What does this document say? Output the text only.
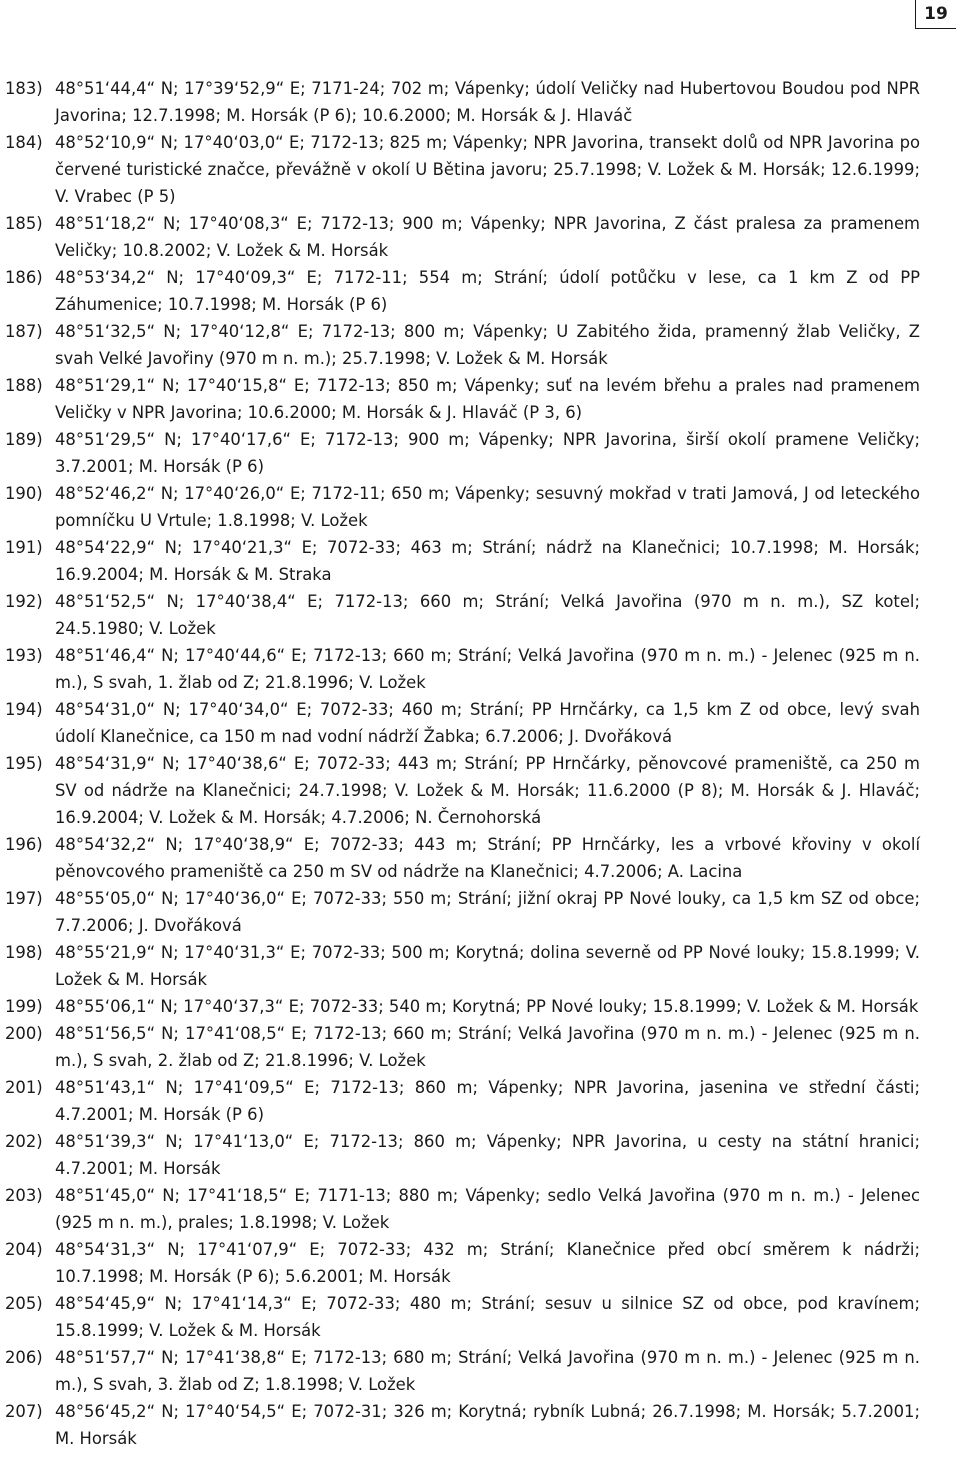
19
183) 48°51‘44,4“ N; 17°39‘52,9“ E; 7171-24; 702 m; Vápenky; údolí Veličky nad Hubertovou Boudou pod NPR Javorina; 12.7.1998; M. Horsák (P 6); 10.6.2000; M. Horsák & J. Hlaváč
184) 48°52‘10,9“ N; 17°40‘03,0“ E; 7172-13; 825 m; Vápenky; NPR Javorina, transekt dolů od NPR Javorina po červené turistické značce, převážně v okolí U Bětina javoru; 25.7.1998; V. Ložek & M. Horsák; 12.6.1999; V. Vrabec (P 5)
185) 48°51‘18,2“ N; 17°40‘08,3“ E; 7172-13; 900 m; Vápenky; NPR Javorina, Z část pralesa za pramenem Veličky; 10.8.2002; V. Ložek & M. Horsák
186) 48°53‘34,2“ N; 17°40‘09,3“ E; 7172-11; 554 m; Strání; údolí potůčku v lese, ca 1 km Z od PP Záhumenice; 10.7.1998; M. Horsák (P 6)
187) 48°51‘32,5“ N; 17°40‘12,8“ E; 7172-13; 800 m; Vápenky; U Zabitého žida, pramenný žlab Veličky, Z svah Velké Javořiny (970 m n. m.); 25.7.1998; V. Ložek & M. Horsák
188) 48°51‘29,1“ N; 17°40‘15,8“ E; 7172-13; 850 m; Vápenky; suť na levém břehu a prales nad pramenem Veličky v NPR Javorina; 10.6.2000; M. Horsák & J. Hlaváč (P 3, 6)
189) 48°51‘29,5“ N; 17°40‘17,6“ E; 7172-13; 900 m; Vápenky; NPR Javorina, širší okolí pramene Veličky; 3.7.2001; M. Horsák (P 6)
190) 48°52‘46,2“ N; 17°40‘26,0“ E; 7172-11; 650 m; Vápenky; sesuvný mokřad v trati Jamová, J od leteckého pomníčku U Vrtule; 1.8.1998; V. Ložek
191) 48°54‘22,9“ N; 17°40‘21,3“ E; 7072-33; 463 m; Strání; nádrž na Klanečnici; 10.7.1998; M. Horsák; 16.9.2004; M. Horsák & M. Straka
192) 48°51‘52,5“ N; 17°40‘38,4“ E; 7172-13; 660 m; Strání; Velká Javořina (970 m n. m.), SZ kotel; 24.5.1980; V. Ložek
193) 48°51‘46,4“ N; 17°40‘44,6“ E; 7172-13; 660 m; Strání; Velká Javořina (970 m n. m.) - Jelenec (925 m n. m.), S svah, 1. žlab od Z; 21.8.1996; V. Ložek
194) 48°54‘31,0“ N; 17°40‘34,0“ E; 7072-33; 460 m; Strání; PP Hrnčárky, ca 1,5 km Z od obce, levý svah údolí Klanečnice, ca 150 m nad vodní nádrží Žabka; 6.7.2006; J. Dvořáková
195) 48°54‘31,9“ N; 17°40‘38,6“ E; 7072-33; 443 m; Strání; PP Hrnčárky, pěnovcové prameniště, ca 250 m SV od nádrže na Klanečnici; 24.7.1998; V. Ložek & M. Horsák; 11.6.2000 (P 8); M. Horsák & J. Hlaváč; 16.9.2004; V. Ložek & M. Horsák; 4.7.2006; N. Černohorská
196) 48°54‘32,2“ N; 17°40‘38,9“ E; 7072-33; 443 m; Strání; PP Hrnčárky, les a vrbové křoviny v okolí pěnovcového prameniště ca 250 m SV od nádrže na Klanečnici; 4.7.2006; A. Lacina
197) 48°55‘05,0“ N; 17°40‘36,0“ E; 7072-33; 550 m; Strání; jižní okraj PP Nové louky, ca 1,5 km SZ od obce; 7.7.2006; J. Dvořáková
198) 48°55‘21,9“ N; 17°40‘31,3“ E; 7072-33; 500 m; Korytná; dolina severně od PP Nové louky; 15.8.1999; V. Ložek & M. Horsák
199) 48°55‘06,1“ N; 17°40‘37,3“ E; 7072-33; 540 m; Korytná; PP Nové louky; 15.8.1999; V. Ložek & M. Horsák
200) 48°51‘56,5“ N; 17°41‘08,5“ E; 7172-13; 660 m; Strání; Velká Javořina (970 m n. m.) - Jelenec (925 m n. m.), S svah, 2. žlab od Z; 21.8.1996; V. Ložek
201) 48°51‘43,1“ N; 17°41‘09,5“ E; 7172-13; 860 m; Vápenky; NPR Javorina, jasenina ve střední části; 4.7.2001; M. Horsák (P 6)
202) 48°51‘39,3“ N; 17°41‘13,0“ E; 7172-13; 860 m; Vápenky; NPR Javorina, u cesty na státní hranici; 4.7.2001; M. Horsák
203) 48°51‘45,0“ N; 17°41‘18,5“ E; 7171-13; 880 m; Vápenky; sedlo Velká Javořina (970 m n. m.) - Jelenec (925 m n. m.), prales; 1.8.1998; V. Ložek
204) 48°54‘31,3“ N; 17°41‘07,9“ E; 7072-33; 432 m; Strání; Klanečnice před obcí směrem k nádrži; 10.7.1998; M. Horsák (P 6); 5.6.2001; M. Horsák
205) 48°54‘45,9“ N; 17°41‘14,3“ E; 7072-33; 480 m; Strání; sesuv u silnice SZ od obce, pod kravínem; 15.8.1999; V. Ložek & M. Horsák
206) 48°51‘57,7“ N; 17°41‘38,8“ E; 7172-13; 680 m; Strání; Velká Javořina (970 m n. m.) - Jelenec (925 m n. m.), S svah, 3. žlab od Z; 1.8.1998; V. Ložek
207) 48°56‘45,2“ N; 17°40‘54,5“ E; 7072-31; 326 m; Korytná; rybník Lubná; 26.7.1998; M. Horsák; 5.7.2001; M. Horsák
